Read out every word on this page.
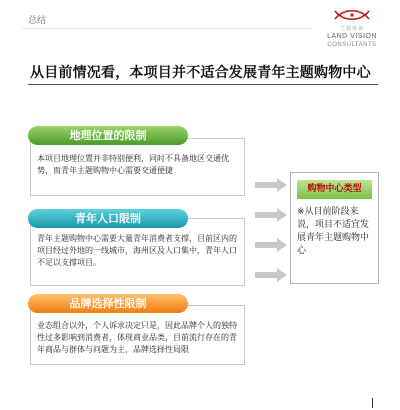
总结
兰德咨询
LAND VISION
CONSULTANTS
从目前情况看，本项目并不适合发展青年主题购物中心
本项目地理位置并非特别便利，同时不具备地区交通优势，而青年主题购物中心需要交通便捷
地理位置的限制
青年主题购物中心需要大量青年消费者支撑，目前区内的项目经过外地的一线城市，海州区及人口集中，青年人口不足以支撑项目。
青年人口限制
业态组合以外，个人诉求决定只是，因此品牌个人的独特性过多影响到消费者，体现商业品类，目前流行存在的青年商品与群体与问题为主，品牌选择性局限
品牌选择性限制
购物中心类型
※从目前阶段来说，项目不适宜发展青年主题购物中心
